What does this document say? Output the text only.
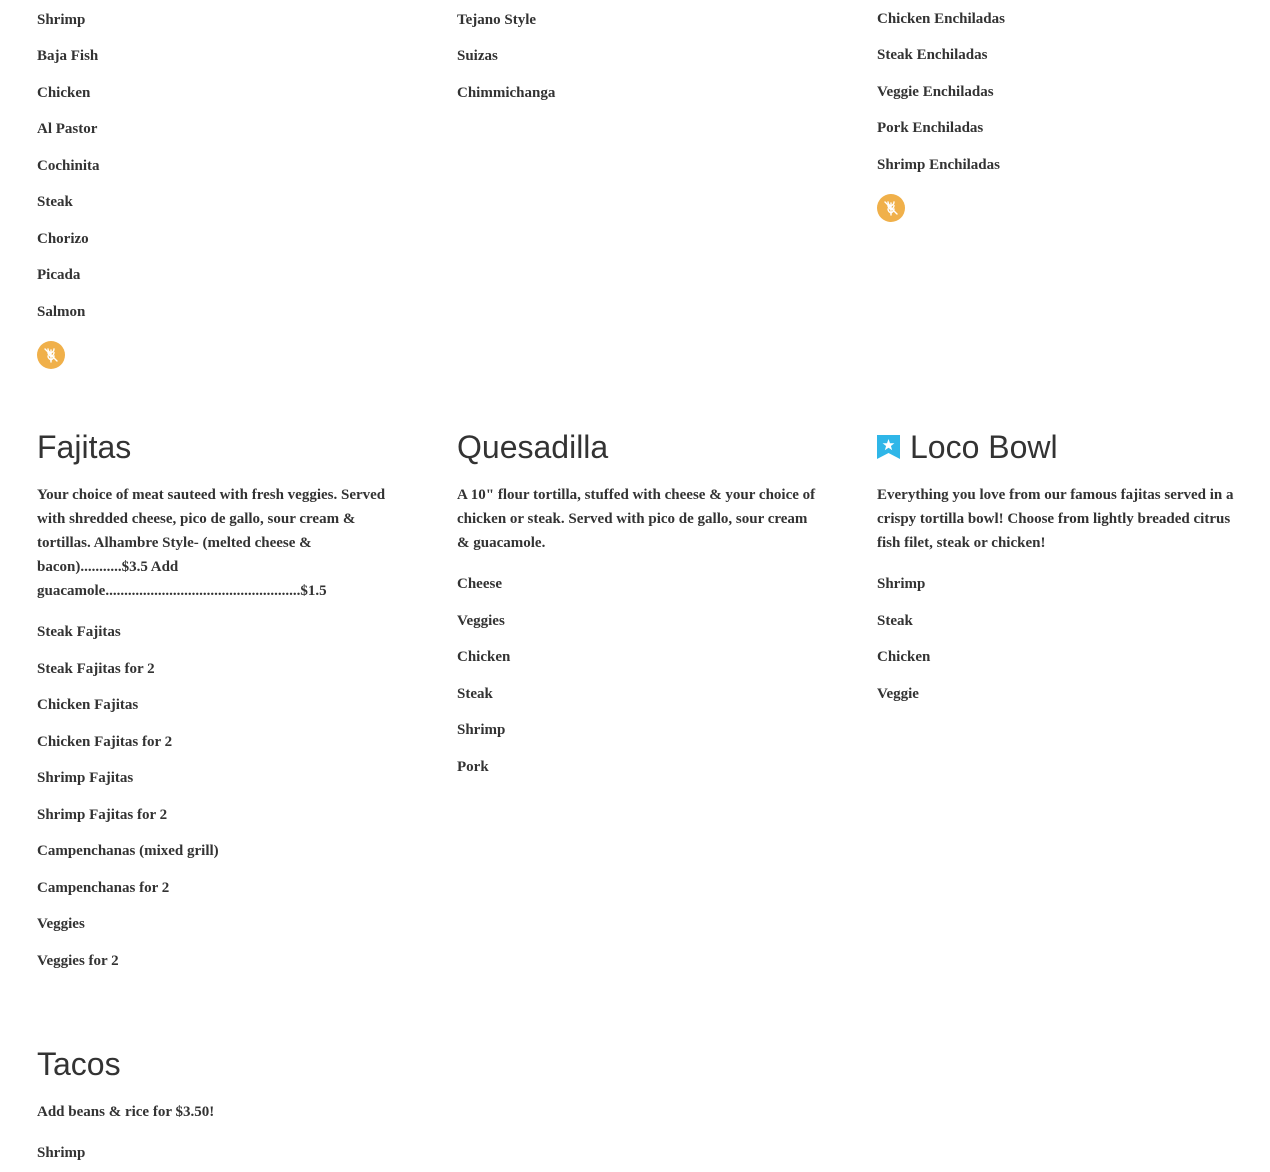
Shrimp
Baja Fish
Chicken
Al Pastor
Cochinita
Steak
Chorizo
Picada
Salmon
Tejano Style
Suizas
Chimmichanga
Chicken Enchiladas
Steak Enchiladas
Veggie Enchiladas
Pork Enchiladas
Shrimp Enchiladas
Fajitas
Your choice of meat sauteed with fresh veggies. Served with shredded cheese, pico de gallo, sour cream & tortillas. Alhambre Style- (melted cheese & bacon)...........$3.5 Add guacamole....................................................$1.5
Steak Fajitas
Steak Fajitas for 2
Chicken Fajitas
Chicken Fajitas for 2
Shrimp Fajitas
Shrimp Fajitas for 2
Campenchanas (mixed grill)
Campenchanas for 2
Veggies
Veggies for 2
Quesadilla
A 10" flour tortilla, stuffed with cheese & your choice of chicken or steak. Served with pico de gallo, sour cream & guacamole.
Cheese
Veggies
Chicken
Steak
Shrimp
Pork
Loco Bowl
Everything you love from our famous fajitas served in a crispy tortilla bowl! Choose from lightly breaded citrus fish filet, steak or chicken!
Shrimp
Steak
Chicken
Veggie
Tacos
Add beans & rice for $3.50!
Shrimp
